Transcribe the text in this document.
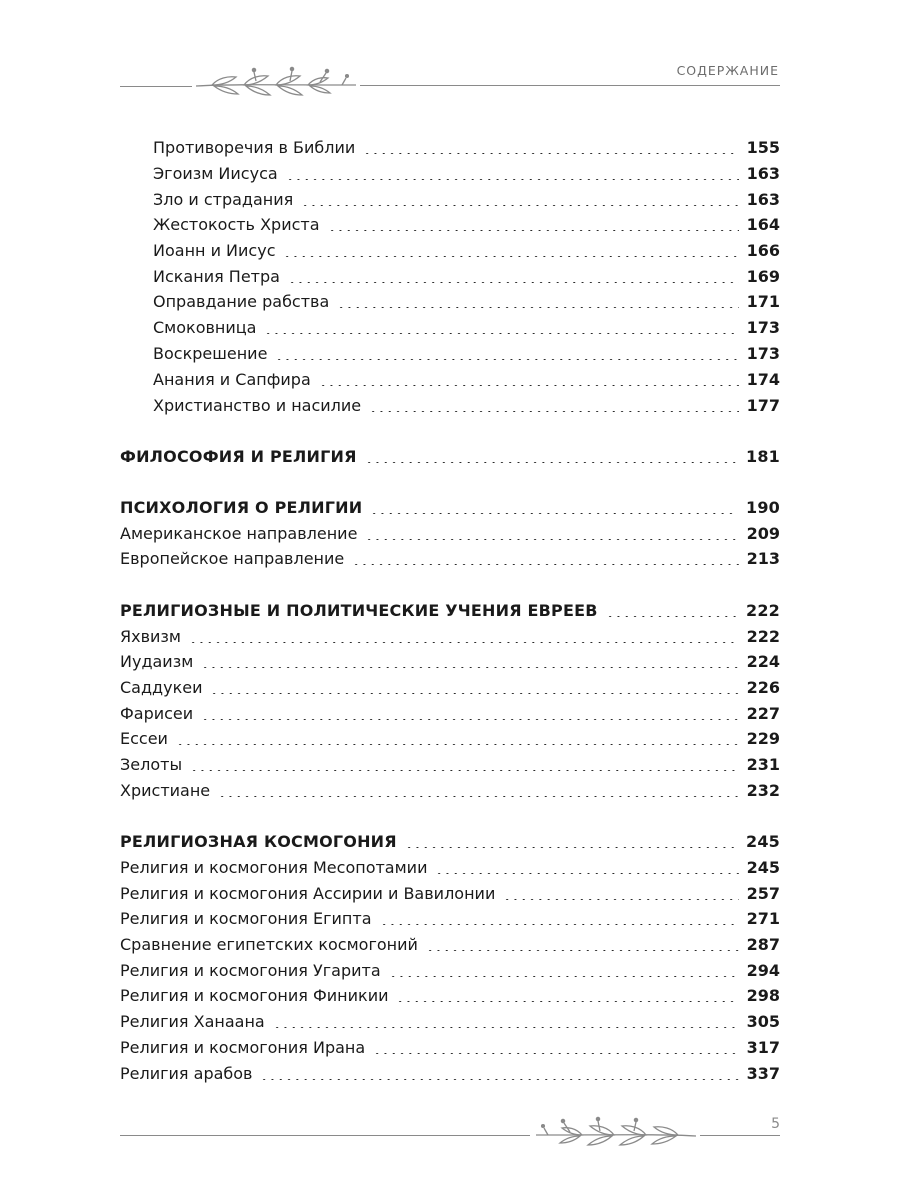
СОДЕРЖАНИЕ
Противоречия в Библии	155
Эгоизм Иисуса	163
Зло и страдания	163
Жестокость Христа	164
Иоанн и Иисус	166
Искания Петра	169
Оправдание рабства	171
Смоковница	173
Воскрешение	173
Анания и Сапфира	174
Христианство и насилие	177
ФИЛОСОФИЯ И РЕЛИГИЯ	181
ПСИХОЛОГИЯ О РЕЛИГИИ	190
Американское направление	209
Европейское направление	213
РЕЛИГИОЗНЫЕ И ПОЛИТИЧЕСКИЕ УЧЕНИЯ ЕВРЕЕВ	222
Яхвизм	222
Иудаизм	224
Саддукеи	226
Фарисеи	227
Ессеи	229
Зелоты	231
Христиане	232
РЕЛИГИОЗНАЯ КОСМОГОНИЯ	245
Религия и космогония Месопотамии	245
Религия и космогония Ассирии и Вавилонии	257
Религия и космогония Египта	271
Сравнение египетских космогоний	287
Религия и космогония Угарита	294
Религия и космогония Финикии	298
Религия Ханаана	305
Религия и космогония Ирана	317
Религия арабов	337
5
